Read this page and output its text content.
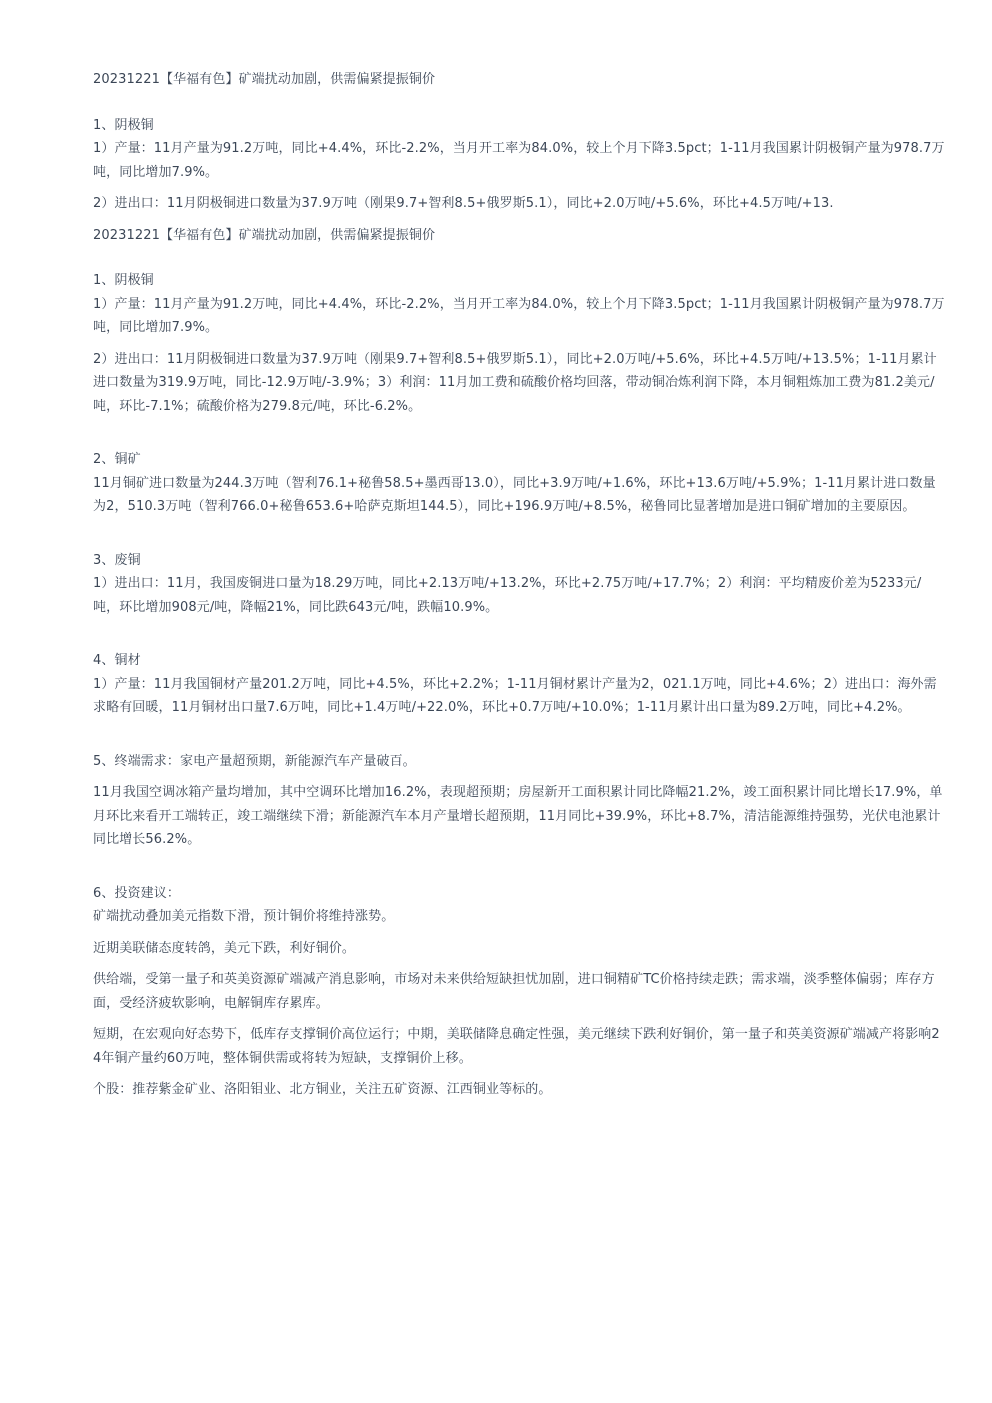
20231221【华福有色】矿端扰动加剧，供需偏紧提振铜价

1、阴极铜

1）产量：11月产量为91.2万吨，同比+4.4%，环比-2.2%，当月开工率为84.0%，较上个月下降3.5pct；1-11月我国累计阴极铜产量为978.7万吨，同比增加7.9%。

2）进出口：11月阴极铜进口数量为37.9万吨（刚果9.7+智利8.5+俄罗斯5.1），同比+2.0万吨/+5.6%，环比+4.5万吨/+13.

20231221【华福有色】矿端扰动加剧，供需偏紧提振铜价

1、阴极铜

1）产量：11月产量为91.2万吨，同比+4.4%，环比-2.2%，当月开工率为84.0%，较上个月下降3.5pct；1-11月我国累计阴极铜产量为978.7万吨，同比增加7.9%。

2）进出口：11月阴极铜进口数量为37.9万吨（刚果9.7+智利8.5+俄罗斯5.1），同比+2.0万吨/+5.6%，环比+4.5万吨/+13.5%；1-11月累计进口数量为319.9万吨，同比-12.9万吨/-3.9%；3）利润：11月加工费和硫酸价格均回落，带动铜冶炼利润下降，本月铜粗炼加工费为81.2美元/吨，环比-7.1%；硫酸价格为279.8元/吨，环比-6.2%。

2、铜矿

11月铜矿进口数量为244.3万吨（智利76.1+秘鲁58.5+墨西哥13.0），同比+3.9万吨/+1.6%，环比+13.6万吨/+5.9%；1-11月累计进口数量为2，510.3万吨（智利766.0+秘鲁653.6+哈萨克斯坦144.5），同比+196.9万吨/+8.5%，秘鲁同比显著增加是进口铜矿增加的主要原因。

3、废铜

1）进出口：11月，我国废铜进口量为18.29万吨，同比+2.13万吨/+13.2%，环比+2.75万吨/+17.7%；2）利润：平均精废价差为5233元/吨，环比增加908元/吨，降幅21%，同比跌643元/吨，跌幅10.9%。

4、铜材

1）产量：11月我国铜材产量201.2万吨，同比+4.5%，环比+2.2%；1-11月铜材累计产量为2，021.1万吨，同比+4.6%；2）进出口：海外需求略有回暖，11月铜材出口量7.6万吨，同比+1.4万吨/+22.0%，环比+0.7万吨/+10.0%；1-11月累计出口量为89.2万吨，同比+4.2%。

5、终端需求：家电产量超预期，新能源汽车产量破百。

11月我国空调冰箱产量均增加，其中空调环比增加16.2%，表现超预期；房屋新开工面积累计同比降幅21.2%，竣工面积累计同比增长17.9%，单月环比来看开工端转正，竣工端继续下滑；新能源汽车本月产量增长超预期，11月同比+39.9%，环比+8.7%，清洁能源维持强势，光伏电池累计同比增长56.2%。

6、投资建议：

矿端扰动叠加美元指数下滑，预计铜价将维持涨势。

近期美联储态度转鸽，美元下跌，利好铜价。

供给端，受第一量子和英美资源矿端减产消息影响，市场对未来供给短缺担忧加剧，进口铜精矿TC价格持续走跌；需求端，淡季整体偏弱；库存方面，受经济疲软影响，电解铜库存累库。

短期，在宏观向好态势下，低库存支撑铜价高位运行；中期，美联储降息确定性强，美元继续下跌利好铜价，第一量子和英美资源矿端减产将影响24年铜产量约60万吨，整体铜供需或将转为短缺，支撑铜价上移。

个股：推荐紫金矿业、洛阳钼业、北方铜业，关注五矿资源、江西铜业等标的。
